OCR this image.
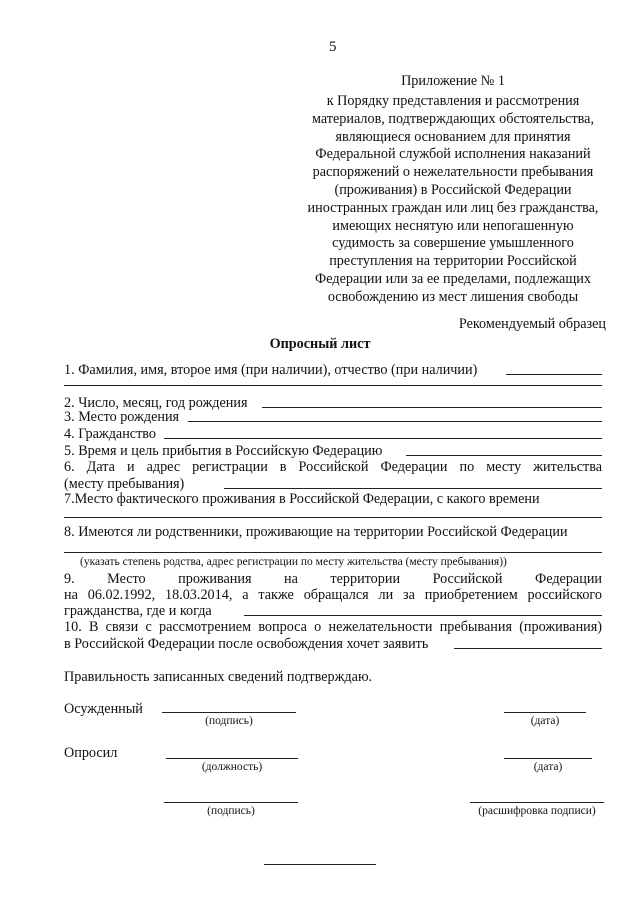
5
Приложение № 1
к Порядку представления и рассмотрения
материалов, подтверждающих обстоятельства,
являющиеся основанием для принятия
Федеральной службой исполнения наказаний
распоряжений о нежелательности пребывания
(проживания) в Российской Федерации
иностранных граждан или лиц без гражданства,
имеющих неснятую или непогашенную
судимость за совершение умышленного
преступления на территории Российской
Федерации или за ее пределами, подлежащих
освобождению из мест лишения свободы
Рекомендуемый образец
Опросный лист
1. Фамилия, имя, второе имя (при наличии), отчество (при наличии)
2. Число, месяц, год рождения
3. Место рождения
4. Гражданство
5. Время и цель прибытия в Российскую Федерацию
6. Дата и адрес регистрации в Российской Федерации по месту жительства
(месту пребывания)
7.Место фактического проживания в Российской Федерации, с какого времени
8. Имеются ли родственники, проживающие на территории Российской Федерации
(указать степень родства, адрес регистрации по месту жительства (месту пребывания))
9. Место проживания на территории Российской Федерации
на 06.02.1992, 18.03.2014, а также обращался ли за приобретением российского
гражданства, где и когда
10. В связи с рассмотрением вопроса о нежелательности пребывания (проживания)
в Российской Федерации после освобождения хочет заявить
Правильность записанных сведений подтверждаю.
Осужденный
(подпись)	(дата)
Опросил
(должность)	(дата)
(подпись)	(расшифровка подписи)
